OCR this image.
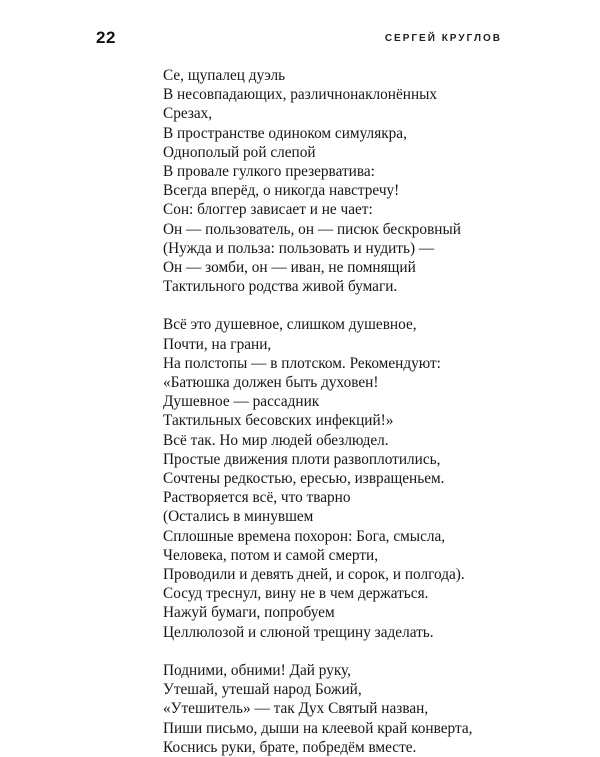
22	СЕРГЕЙ КРУГЛОВ
Се, щупалец дуэль
В несовпадающих, различнонаклонённых
Срезах,
В пространстве одиноком симулякра,
Однополый рой слепой
В провале гулкого презерватива:
Всегда вперёд, о никогда навстречу!
Сон: блоггер зависает и не чает:
Он — пользователь, он — писюк бескровный
(Нужда и польза: пользовать и нудить) —
Он — зомби, он — иван, не помнящий
Тактильного родства живой бумаги.
Всё это душевное, слишком душевное,
Почти, на грани,
На полстопы — в плотском. Рекомендуют:
«Батюшка должен быть духовен!
Душевное — рассадник
Тактильных бесовских инфекций!»
Всё так. Но мир людей обезлюдел.
Простые движения плоти развоплотились,
Сочтены редкостью, ересью, извращеньем.
Растворяется всё, что тварно
(Остались в минувшем
Сплошные времена похорон: Бога, смысла,
Человека, потом и самой смерти,
Проводили и девять дней, и сорок, и полгода).
Сосуд треснул, вину не в чем держаться.
Нажуй бумаги, попробуем
Целлюлозой и слюной трещину заделать.
Подними, обними! Дай руку,
Утешай, утешай народ Божий,
«Утешитель» — так Дух Святый назван,
Пиши письмо, дыши на клеевой край конверта,
Коснись руки, брате, побредём вместе.
